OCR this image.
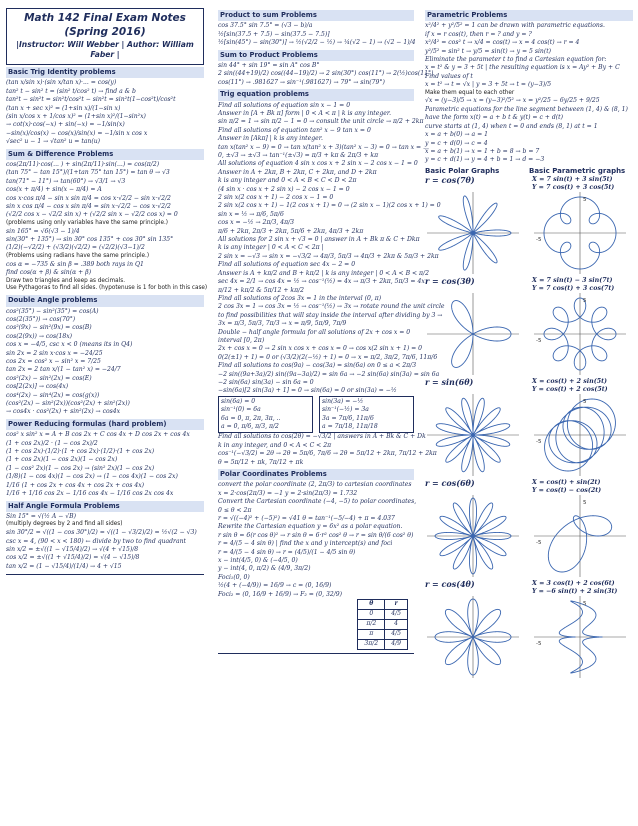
Math 142 Final Exam Notes (Spring 2016)
|Instructor: Will Webber | Author: William Faber |
Basic Trig Identity problems
(tan x/sin x)·(sin x/tan x)·... = cos(y)
tan² t − sin² t = (sin² t/cos² t) → find a & b
tan²t − sin²t = sin²t/cos²t − sin²t = sin²t(1−cos²t)/cos²t
(tan x + sec x)² = (1+sin x)/(1−sin x)
(sin x/cos x + 1/cos x)² = (1+sin x)²/(1−sin²x)
→ cot(x)·cos(−x) + sin(−x) = −1/sin(x)
−sin(x)/cos(x) − cos(x)/sin(x) = −1/sin x cos x
√sec² u − 1 → √tan² u = tan(u)
Sum & Difference Problems
cos(2π/11)·cos(... ) + sin(2π/11)·sin(...) = cos(π/2)
(tan 75° − tan 15°)/(1+tan 75° tan 15°) = tan θ → √3
tan(71° − 11°) → tan(60°) → √3/1 → √3
cos(x + π/4) + sin(x − π/4) = A
cos x·cos π/4 − sin x sin π/4 = cos x·√2/2 − sin x·√2/2
sin x cos π/4 − cos x sin π/4 = sin x·√2/2 − cos x·√2/2
(√2/2 cos x − √2/2 sin x) + (√2/2 sin x − √2/2 cos x) = 0
(problems using only variables have the same principle.)
sin 165° = √6(√3 − 1)/4
sin(30° + 135°) → sin 30° cos 135° + cos 30° sin 135°
(1/2)(−√2/2) + (√3/2)(√2/2) = (√2/2)(√3−1)/2
(Problems using radians have the same principle.)
cos α = −735 & sin β = .389 both rays in Q1
find cos(α + β) & sin(α + β)
Draw two triangles and keep as decimals.
Use Pythagoras to find all sides. (hypotenuse is 1 for both in this case)
Double Angle problems
cos²(35°) − sin²(35°) = cos(A)
cos(2(35°)) → cos(70°)
cos²(9x) − sin²(9x) = cos(B)
cos(2(9x)) → cos(18x)
cos x = −4/5, csc x < 0 (means its in Q4)
sin 2x = 2 sin x·cos x = −24/25
cos 2x = cos² x − sin² x = 7/25
tan 2x = 2 tan x/(1 − tan² x) = −24/7
cos²(2x) − sin²(2x) = cos(E)
cos[2(2x)] → cos(4x)
cos⁴(2x) − sin⁴(2x) = cos(g(x))
(cos²(2x) − sin²(2x))(cos²(2x) + sin²(2x))
→ cos4x · cos²(2x) + sin²(2x) → cos4x
Power Reducing formulas (hard problem)
cos² x sin² x = A + B cos 2x + C cos 4x + D cos 2x + cos 4x
(1 + cos 2x)/2 · (1 − cos 2x)/2
(1 + cos 2x)·(1/2)·(1 + cos 2x)·(1/2)·(1 + cos 2x)
(1 + cos 2x)(1 − cos 2x)(1 − cos 2x)
(1 − cos² 2x)(1 − cos 2x) → (sin² 2x)(1 − cos 2x)
(1/8)(1 − cos 4x)(1 − cos 2x) → (1 − cos 4x)(1 − cos 2x)
1/16 (1 + cos 2x + cos 4x + cos 2x + cos 4x)
1/16 + 1/16 cos 2x − 1/16 cos 4x − 1/16 cos 2x cos 4x
Half Angle Formula Problems
Sin 15° = √(½ A − √B)
(multiply degrees by 2 and find all sides)
sin 30°/2 = √((1 − cos 30°)/2) = √((1 − √3/2)/2) = ½√(2 − √3)
csc x = 4, (90 < x < 180) ← divide by two to find quadrant
sin x/2 = ±√((1 − √15/4)/2) → √(4 + √15)/8
cos x/2 = ±√((1 + √15/4)/2) = √(4 − √15)/8
tan x/2 = (1 − √15/4)/(1/4) → 4 + √15
Product to sum Problems
cos 37.5° sin 7.5° = (√3 − b)/a
½[sin(37.5 + 7.5) − sin(37.5 − 7.5)]
½[sin(45°) − sin(30°)] → ½(√2/2 − ½) → ¼(√2 − 1) → (√2 − 1)/4
Sum to Product Problems
sin 44° + sin 19° = sin A° cos B°
2 sin((44+19)/2) cos((44−19)/2) → 2 sin(30°) cos(11°) → 2(½)cos(11°)
cos(11°) → .981627 → sin⁻¹(.981627) → 79° → sin(79°)
Trig equation problems
Find all solutions of equation sin x − 1 = 0
Answer in [A + Bk π] form | 0 < A < π | k is any integer.
sin π/2 = 1 → sin π/2 − 1 = 0 → consult the unit circle → π/2 + 2kπ
Find all solutions of equation tan² x − 9 tan x = 0
Answer in [Akπ] | k is any integer.
tan x(tan² x − 9) = 0 → tan x(tan² x + 3)(tan² x − 3) = 0 → tan x = ...
0, ±√3 → ±√3 → tan⁻¹(±√3) = π/3 + kπ & 2π/3 + kπ
All solutions of equation 4 sin x cos x + 2 sin x − 2 cos x − 1 = 0
Answer in A + 2kπ, B + 2kπ, C + 2kπ, and D + 2kπ
k is any integer and 0 < A < B < C < D < 2π
(4 sin x · cos x + 2 sin x) − 2 cos x − 1 = 0
2 sin x(2 cos x + 1) − 2 cos x − 1 = 0
2 sin x(2 cos x + 1) − 1(2 cos x + 1) = 0 → (2 sin x − 1)(2 cos x + 1) = 0
sin x = ½ → π/6, 5π/6
cos x = −½ → 2π/3, 4π/3
π/6 + 2kπ, 2π/3 + 2kπ, 5π/6 + 2kπ, 4π/3 + 2kπ
All solutions for 2 sin x + √3 = 0 | answer in A + Bk π & C + Dkπ
k is any integer | 0 < A < C < 2π |
2 sin x = −√3 → sin x = −√3/2 → 4π/3, 5π/3 → 4π/3 + 2kπ & 5π/3 + 2kπ
Find all solutions of equation sec 4x − 2 = 0
Answer is A + kπ/2 and B + kπ/2 | k is any integer | 0 < A < B < π/2
sec 4x = 2/1 → cos 4x = ½ → cos⁻¹(½) = 4x → π/3 + 2kπ, 5π/3 = 4x
π/12 + kπ/2 & 5π/12 + kπ/2
Find all solutions of 2cos 3x = 1 in the interval (0, π)
2 cos 3x = 1 → cos 3x = ½ → cos⁻¹(½) → 3x → rotate round the unit circle
to find possibilities that will stay inside the interval after dividing by 3 →
3x = π/3, 5π/3, 7π/3 → x = π/9, 5π/9, 7π/9
Double − half angle formula for all solutions of 2x + cos x = 0
interval [0, 2π)
2x + cos x = 0 → 2 sin x cos x + cos x = 0 → cos x(2 sin x + 1) = 0
0(2(±1) + 1) = 0 or (√3/2)(2(−½) + 1) = 0 → x = π/2, 3π/2, 7π/6, 11π/6
Find all solutions to cos(9a) − cos(3a) = sin(6a) on 0 ≤ a < 2π/3
−2 sin((9a+3a)/2) sin((9a−3a)/2) = sin 6a → −2 sin(6a) sin(3a) = sin 6a
−2 sin(6a) sin(3a) − sin 6a = 0
−sin(6a)[2 sin(3a) + 1] = 0 → sin(6a) = 0 or sin(3a) = −½
sin(6a) = 0
sin⁻¹(0) = 6a
6a = 0, π, 2π, 3π, ..
a = 0, π/6, π/3, π/2
sin(3a) = −½
sin⁻¹(−½) = 3a
3a = 7π/6, 11π/6
a = 7π/18, 11π/18
Find all solutions to cos(2θ) = −√3/2 | answers in A + Bk & C + Dk
k in any integer, and 0 < A < C < 2π
cos⁻¹(−√3/2) = 2θ → 2θ = 5π/6, 7π/6 → 2θ = 5π/12 + 2kπ, 7π/12 + 2kπ
θ = 5π/12 + πk, 7π/12 + πk
Polar Coordinates Problems
convert the polar coordinate (2, 2π/3) to cartesian coordinates
x = 2·cos(2π/3) = −1 y = 2·sin(2π/3) = 1.732
Convert the Cartesian coordinate (−4, −5) to polar coordinates,
0 ≤ θ < 2π
r = √((−4)² + (−5)²) = √41 θ = tan⁻¹(−5/−4) + π = 4.037
Rewrite the Cartesian equation y = 6x² as a polar equation.
r sin θ = 6(r cos θ)² → r sin θ = 6·r² cos² θ → r = sin θ/(6 cos² θ)
r = 4/(5 − 4 sin θ) | find the x and y intercept(s) and foci
r = 4/(5 − 4 sin θ) → r = (4/5)/(1 − 4/5 sin θ)
x − int(4/5, 0) & (−4/5, 0)
y − int(4, 0, π/2) & (4/9, 3π/2)
Foci₁(0, 0)
½(4 + (−4/9)) = 16/9 → c = (0, 16/9)
Foci₂ = (0, 16/9 + 16/9) → F₂ = (0, 32/9)
θ	r
0	4/5
π/2	4
π	4/5
3π/2	4/9
Parametric Problems
x²/4² + y²/5² = 1 can be drawn with parametric equations.
if x = r cos(t), then r = ? and y = ?
x²/4² = cos² t → x/4 = cos(t) → x = 4 cos(t) → r = 4
y²/5² = sin² t → y/5 = sin(t) → y = 5 sin(t)
Eliminate the parameter t to find a Cartesian equation for:
x = t² & y = 3 + 5t | the resulting equation is x = Ay² + By + C
Find values of t
x = t² → t = √x | y = 3 + 5t → t = (y−3)/5
Make them equal to each other
√x = (y−3)/5 → x = (y−3)²/5² → x = y²/25 − 6y/25 + 9/25
Parametric equations for the line segment between (1, 4) & (8, 1)
have the form x(t) = a + b t & y(t) = c + d(t)
curve starts at (1, 4) when t = 0 and ends (8, 1) at t = 1
x = a + b(0) → a = 1
y = c + d(0) → c = 4
x = a + b(1) → x = 1 + b = 8 → b = 7
y = c + d(1) → y = 4 + b = 1 → d = −3
Basic Polar Graphs	Basic Parametric graphs
r = cos(7θ)	X = 7 sin(t) + 3 sin(5t)
Y = 7 cos(t) + 3 cos(5t)
5
-5
r = cos(3θ)	X = 7 sin(t) − 3 sin(7t)
Y = 7 cos(t) + 3 cos(7t)
5
-5
r = sin(6θ)	X = cos(t) + 2 sin(5t)
Y = cos(t) + 2 cos(5t)
5
-5
r = cos(6θ)	X = cos(t) + sin(2t)
Y = cos(t) − cos(2t)
5
-5
r = cos(4θ)	X = 3 cos(t) + 2 cos(6t)
Y = −6 sin(t) + 2 sin(3t)
5
-5
